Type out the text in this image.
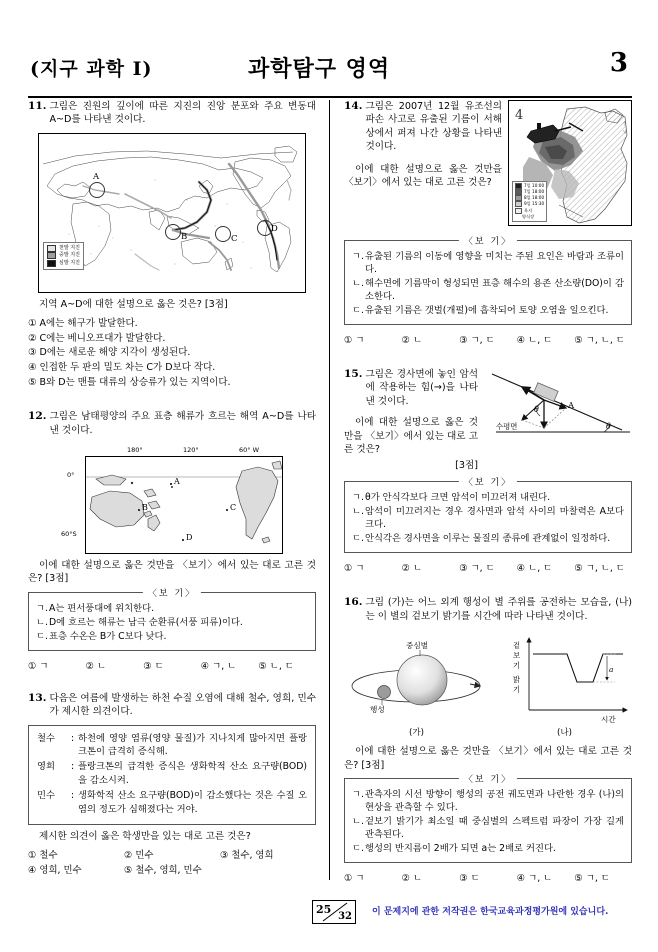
(지구 과학 I)	과학탐구 영역	3
11. 그림은 진원의 깊이에 따른 지진의 진앙 분포와 주요 변동대 A~D를 나타낸 것이다.
A
B	C
D
천발 지진
중발 지진
심발 지진
지역 A~D에 대한 설명으로 옳은 것은? [3점]
① A에는 해구가 발달한다.
② C에는 베니오프대가 발달한다.
③ D에는 새로운 해양 지각이 생성된다.
④ 인접한 두 판의 밀도 차는 C가 D보다 작다.
⑤ B와 D는 맨틀 대류의 상승류가 있는 지역이다.
12. 그림은 남태평양의 주요 표층 해류가 흐르는 해역 A~D를 나타낸 것이다.
A
B	C
D
180°	120°	60° W
0°
60°S
이에 대한 설명으로 옳은 것만을 〈보기〉에서 있는 대로 고른 것은? [3점]
〈보 기〉
ㄱ. A는 편서풍대에 위치한다.
ㄴ. D에 흐르는 해류는 남극 순환류(서풍 피류)이다.
ㄷ. 표층 수온은 B가 C보다 낮다.
① ㄱ	② ㄴ	③ ㄷ	④ ㄱ, ㄴ	⑤ ㄴ, ㄷ
13. 다음은 여름에 발생하는 하천 수질 오염에 대해 철수, 영희, 민수가 제시한 의견이다.
철수	: 하천에 영양 염류(영양 물질)가 지나치게 많아지면 플랑크톤이 급격히 증식해.
영희	: 플랑크톤의 급격한 증식은 생화학적 산소 요구량(BOD)을 감소시켜.
민수	: 생화학적 산소 요구량(BOD)이 감소했다는 것은 수질 오염의 정도가 심해졌다는 거야.
제시한 의견이 옳은 학생만을 있는 대로 고른 것은?
① 철수	② 민수	③ 철수, 영희
④ 영희, 민수	⑤ 철수, 영희, 민수
14. 그림은 2007년 12월 유조선의 파손 사고로 유출된 기름이 서해상에서 퍼져 나간 상황을 나타낸 것이다.
이에 대한 설명으로 옳은 것만을 〈보기〉에서 있는 대로 고른 것은?
4
충
남
7일 10:00
7일 18:00
8일 18:00
9일 15:30
육지
양식장
〈보 기〉
ㄱ. 유출된 기름의 이동에 영향을 미치는 주된 요인은 바람과 조류이다.
ㄴ. 해수면에 기름막이 형성되면 표층 해수의 용존 산소량(DO)이 감소한다.
ㄷ. 유출된 기름은 갯벌(개펄)에 흡착되어 토양 오염을 일으킨다.
① ㄱ	② ㄴ	③ ㄱ, ㄷ	④ ㄴ, ㄷ	⑤ ㄱ, ㄴ, ㄷ
15. 그림은 경사면에 놓인 암석에 작용하는 힘(→)을 나타낸 것이다.
이에 대한 설명으로 옳은 것만을 〈보기〉에서 있는 대로 고른 것은?
[3점]
θ
θ
A
수평면
〈보 기〉
ㄱ. θ가 안식각보다 크면 암석이 미끄러져 내린다.
ㄴ. 암석이 미끄러지는 경우 경사면과 암석 사이의 마찰력은 A보다 크다.
ㄷ. 안식각은 경사면을 이루는 물질의 종류에 관계없이 일정하다.
① ㄱ	② ㄴ	③ ㄱ, ㄷ	④ ㄴ, ㄷ	⑤ ㄱ, ㄴ, ㄷ
16. 그림 (가)는 어느 외계 행성이 별 주위를 공전하는 모습을, (나)는 이 별의 겉보기 밝기를 시간에 따라 나타낸 것이다.
중심별
행성
(가)
a
겉
보
기
밝
기
시간
(나)
이에 대한 설명으로 옳은 것만을 〈보기〉에서 있는 대로 고른 것은? [3점]
〈보 기〉
ㄱ. 관측자의 시선 방향이 행성의 공전 궤도면과 나란한 경우 (나)의 현상을 관측할 수 있다.
ㄴ. 겉보기 밝기가 최소일 때 중심별의 스펙트럼 파장이 가장 길게 관측된다.
ㄷ. 행성의 반지름이 2배가 되면 a는 2배로 커진다.
① ㄱ	② ㄴ	③ ㄷ	④ ㄱ, ㄴ	⑤ ㄱ, ㄷ
25
32 이 문제지에 관한 저작권은 한국교육과정평가원에 있습니다.
